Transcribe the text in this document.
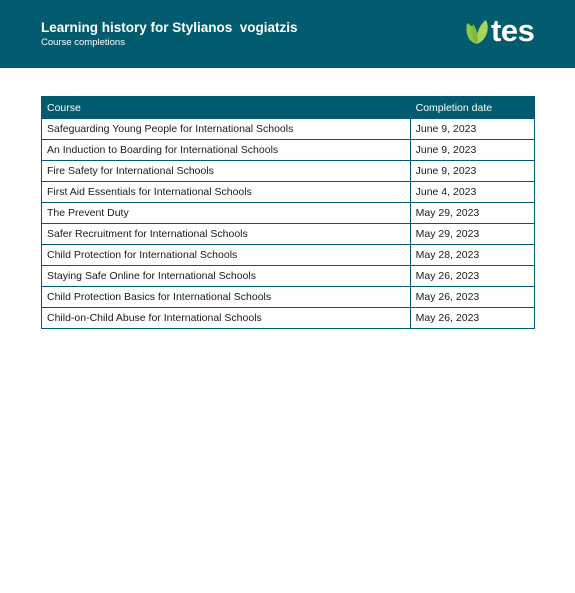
Learning history for Stylianos  vogiatzis
Course completions	tes
Course	Completion date
Safeguarding Young People for International Schools	June 9, 2023
An Induction to Boarding for International Schools	June 9, 2023
Fire Safety for International Schools	June 9, 2023
First Aid Essentials for International Schools	June 4, 2023
The Prevent Duty	May 29, 2023
Safer Recruitment for International Schools	May 29, 2023
Child Protection for International Schools	May 28, 2023
Staying Safe Online for International Schools	May 26, 2023
Child Protection Basics for International Schools	May 26, 2023
Child-on-Child Abuse for International Schools	May 26, 2023
